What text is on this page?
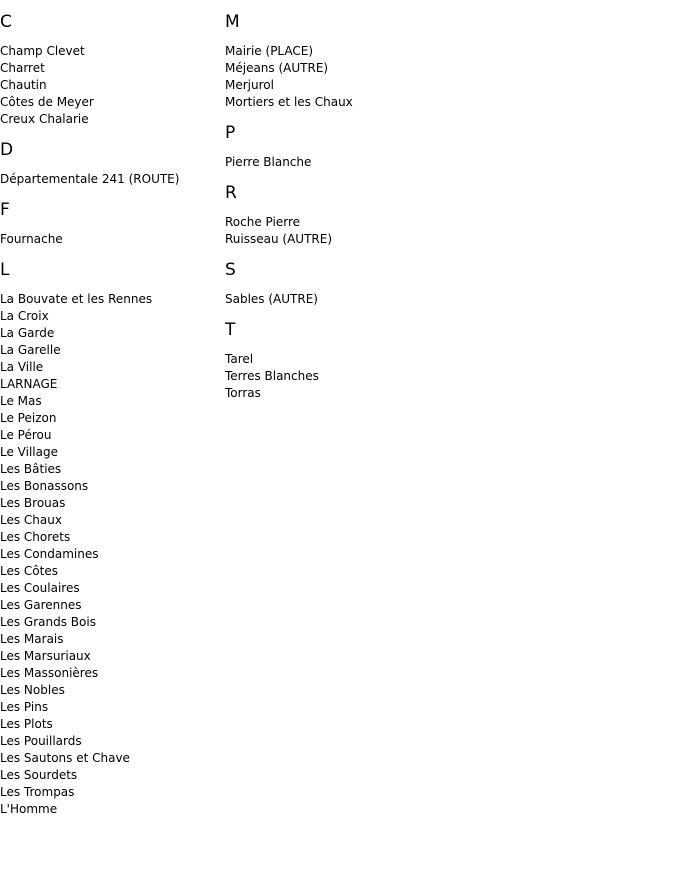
C
Champ Clevet
Charret
Chautin
Côtes de Meyer
Creux Chalarie
D
Départementale 241 (ROUTE)
F
Fournache
L
La Bouvate et les Rennes
La Croix
La Garde
La Garelle
La Ville
LARNAGE
Le Mas
Le Peizon
Le Pérou
Le Village
Les Bâties
Les Bonassons
Les Brouas
Les Chaux
Les Chorets
Les Condamines
Les Côtes
Les Coulaires
Les Garennes
Les Grands Bois
Les Marais
Les Marsuriaux
Les Massonières
Les Nobles
Les Pins
Les Plots
Les Pouillards
Les Sautons et Chave
Les Sourdets
Les Trompas
L'Homme
M
Mairie (PLACE)
Méjeans (AUTRE)
Merjurol
Mortiers et les Chaux
P
Pierre Blanche
R
Roche Pierre
Ruisseau (AUTRE)
S
Sables (AUTRE)
T
Tarel
Terres Blanches
Torras
